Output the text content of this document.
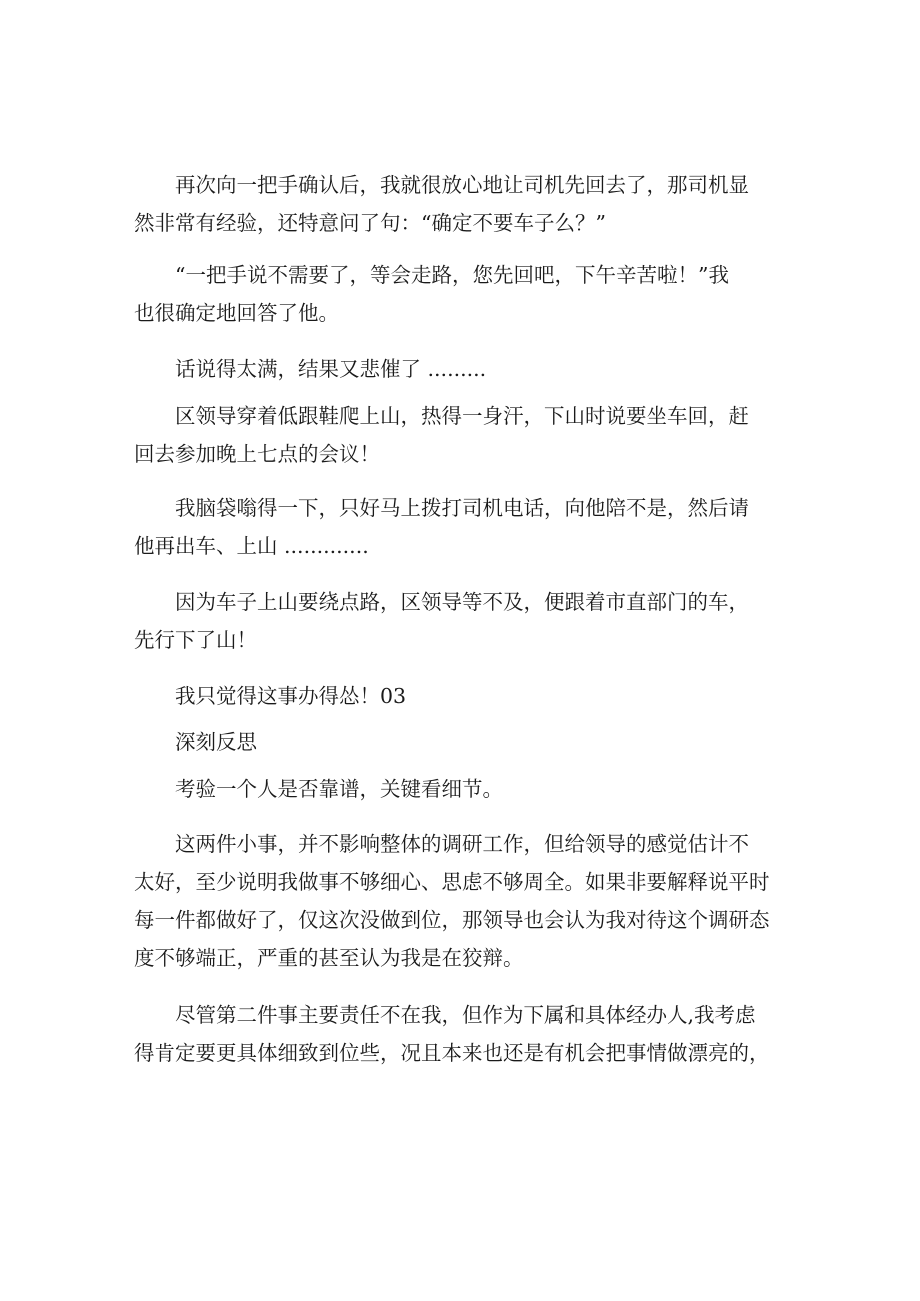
再次向一把手确认后，我就很放心地让司机先回去了，那司机显
然非常有经验，还特意问了句：“确定不要车子么？”

“一把手说不需要了，等会走路，您先回吧，下午辛苦啦！”我
也很确定地回答了他。

话说得太满，结果又悲催了 .........

区领导穿着低跟鞋爬上山，热得一身汗，下山时说要坐车回，赶
回去参加晚上七点的会议！

我脑袋嗡得一下，只好马上拨打司机电话，向他陪不是，然后请
他再出车、上山 .............

因为车子上山要绕点路，区领导等不及，便跟着市直部门的车，
先行下了山！

我只觉得这事办得怂！03

深刻反思

考验一个人是否靠谱，关键看细节。

这两件小事，并不影响整体的调研工作，但给领导的感觉估计不
太好，至少说明我做事不够细心、思虑不够周全。如果非要解释说平时
每一件都做好了，仅这次没做到位，那领导也会认为我对待这个调研态
度不够端正，严重的甚至认为我是在狡辩。

尽管第二件事主要责任不在我，但作为下属和具体经办人,我考虑
得肯定要更具体细致到位些，况且本来也还是有机会把事情做漂亮的，
